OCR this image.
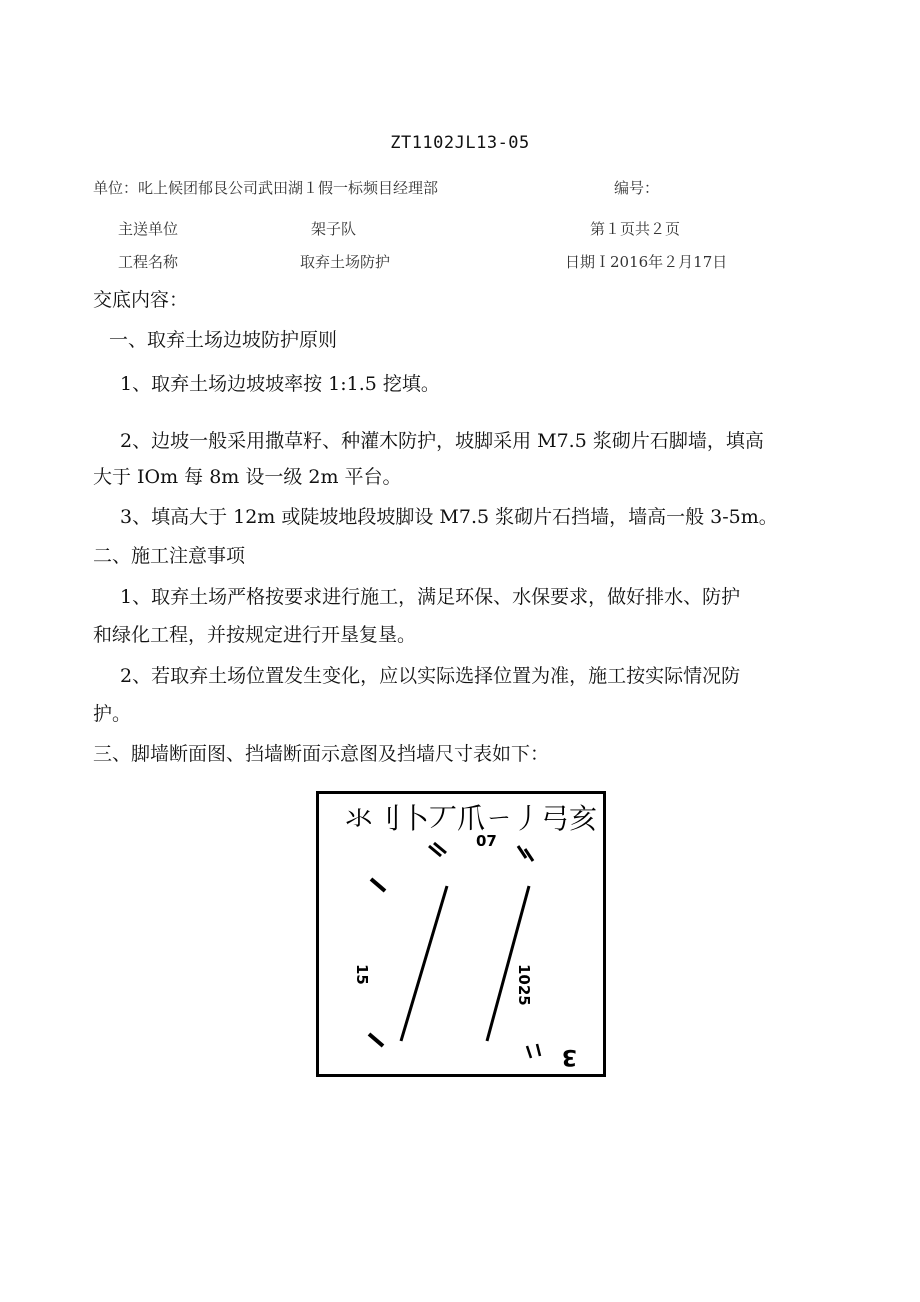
ZT1102JL13-05
单位：叱上候团郁艮公司武田湖１假一标频目经理部	编号：
主送单位	架子队	第１页共２页
工程名称	取弃土场防护	日期Ｉ2016年２月17日
交底内容：
一、取弃土场边坡防护原则
1、取弃土场边坡坡率按 1:1.5 挖填。
2、边坡一般采用撒草籽、种灌木防护，坡脚采用 M7.5 浆砌片石脚墙，填高
大于 IOm 每 8m 设一级 2m 平台。
3、填高大于 12m 或陡坡地段坡脚设 M7.5 浆砌片石挡墙，墙高一般 3-5m。
二、施工注意事项
1、取弃土场严格按要求进行施工，满足环保、水保要求，做好排水、防护
和绿化工程，并按规定进行开垦复垦。
2、若取弃土场位置发生变化，应以实际选择位置为准，施工按实际情况防
护。
三、脚墙断面图、挡墙断面示意图及挡墙尺寸表如下：
氺刂卜丆爪ㄧ丿弓亥
07
15	1025
3
